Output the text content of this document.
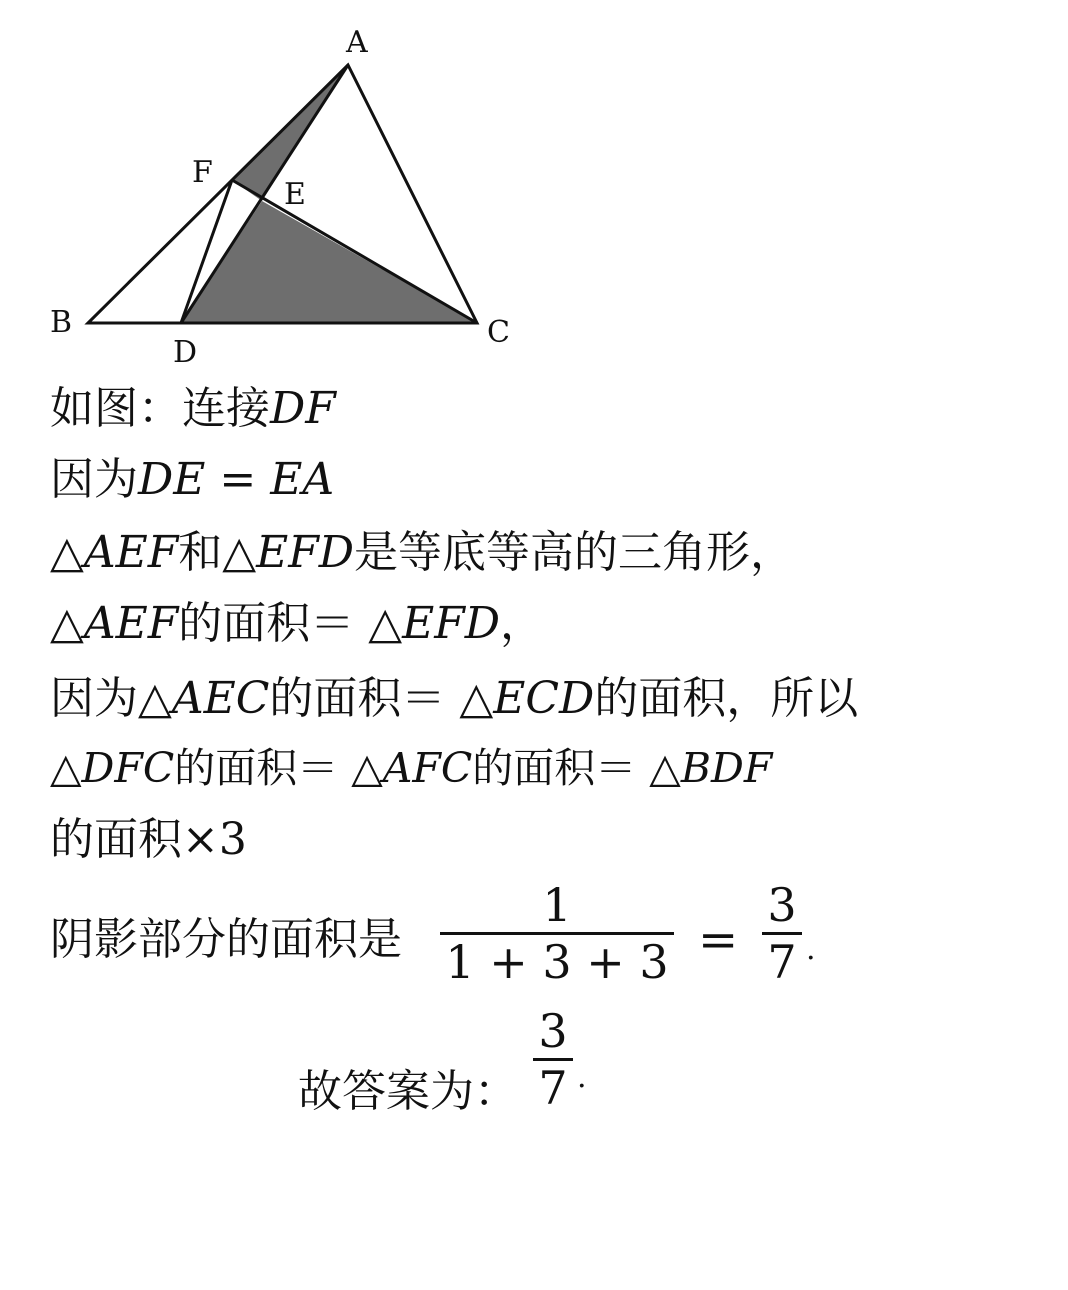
A
B	C
D
E
F
如图：连接DF
因为DE = EA
△AEF和△EFD是等底等高的三角形，
△AEF的面积＝ △EFD，
因为△AEC的面积＝ △ECD的面积，所以
△DFC的面积＝ △AFC的面积＝ △BDF
的面积×3
阴影部分的面积是
1
1 + 3 + 3 =
3
7 .
故答案为：
3
7 .
